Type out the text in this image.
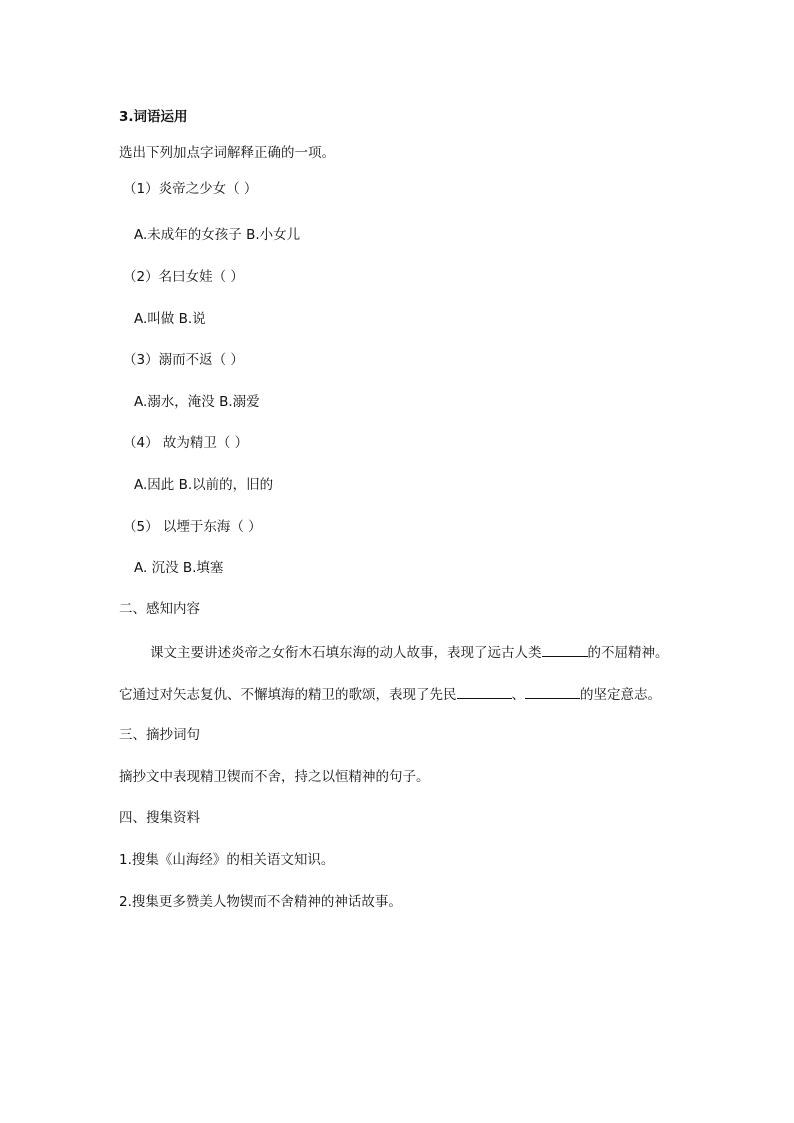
3.词语运用
选出下列加点字词解释正确的一项。
（1）炎帝之少女（ ）
A.未成年的女孩子 B.小女儿
（2）名曰女娃（ ）
A.叫做 B.说
（3）溺而不返（ ）
A.溺水，淹没 B.溺爱
（4） 故为精卫（ ）
A.因此 B.以前的，旧的
（5） 以堙于东海（ ）
A. 沉没 B.填塞
二、感知内容
课文主要讲述炎帝之女衔木石填东海的动人故事，表现了远古人类	的不屈精神。
它通过对矢志复仇、不懈填海的精卫的歌颂，表现了先民	、	的坚定意志。
三、摘抄词句
摘抄文中表现精卫锲而不舍，持之以恒精神的句子。
四、搜集资料
1.搜集《山海经》的相关语文知识。
2.搜集更多赞美人物锲而不舍精神的神话故事。
